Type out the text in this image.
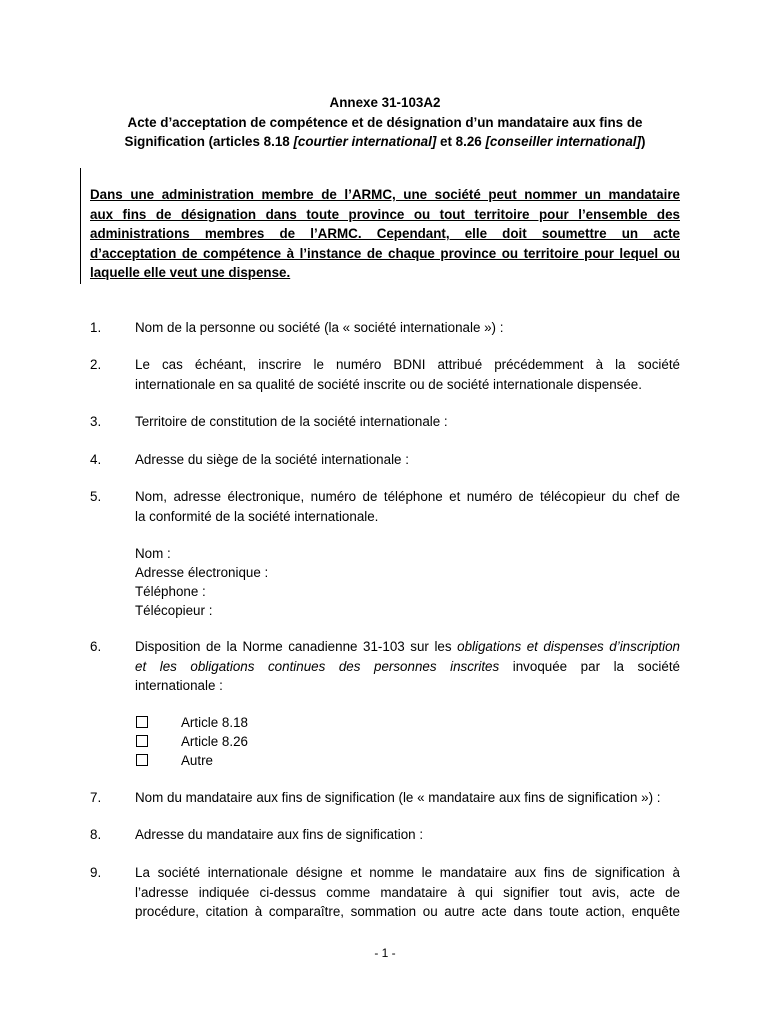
Annexe 31-103A2
Acte d’acceptation de compétence et de désignation d’un mandataire aux fins de
Signification (articles 8.18 [courtier international] et 8.26 [conseiller international])
Dans une administration membre de l’ARMC, une société peut nommer un mandataire
aux fins de désignation dans toute province ou tout territoire pour l’ensemble des
administrations membres de l’ARMC. Cependant, elle doit soumettre un acte
d’acceptation de compétence à l’instance de chaque province ou territoire pour lequel ou
laquelle elle veut une dispense.
1.	Nom de la personne ou société (la « société internationale ») :
2.	Le cas échéant, inscrire le numéro BDNI attribué précédemment à la société
internationale en sa qualité de société inscrite ou de société internationale dispensée.
3.	Territoire de constitution de la société internationale :
4.	Adresse du siège de la société internationale :
5.	Nom, adresse électronique, numéro de téléphone et numéro de télécopieur du chef de
la conformité de la société internationale.
Nom :
Adresse électronique :
Téléphone :
Télécopieur :
6.	Disposition de la Norme canadienne 31-103 sur les obligations et dispenses d’inscription
et les obligations continues des personnes inscrites invoquée par la société
internationale :
Article 8.18
Article 8.26
Autre
7.	Nom du mandataire aux fins de signification (le « mandataire aux fins de signification ») :
8.	Adresse du mandataire aux fins de signification :
9.	La société internationale désigne et nomme le mandataire aux fins de signification à
l’adresse indiquée ci-dessus comme mandataire à qui signifier tout avis, acte de
procédure, citation à comparaître, sommation ou autre acte dans toute action, enquête
- 1 -
